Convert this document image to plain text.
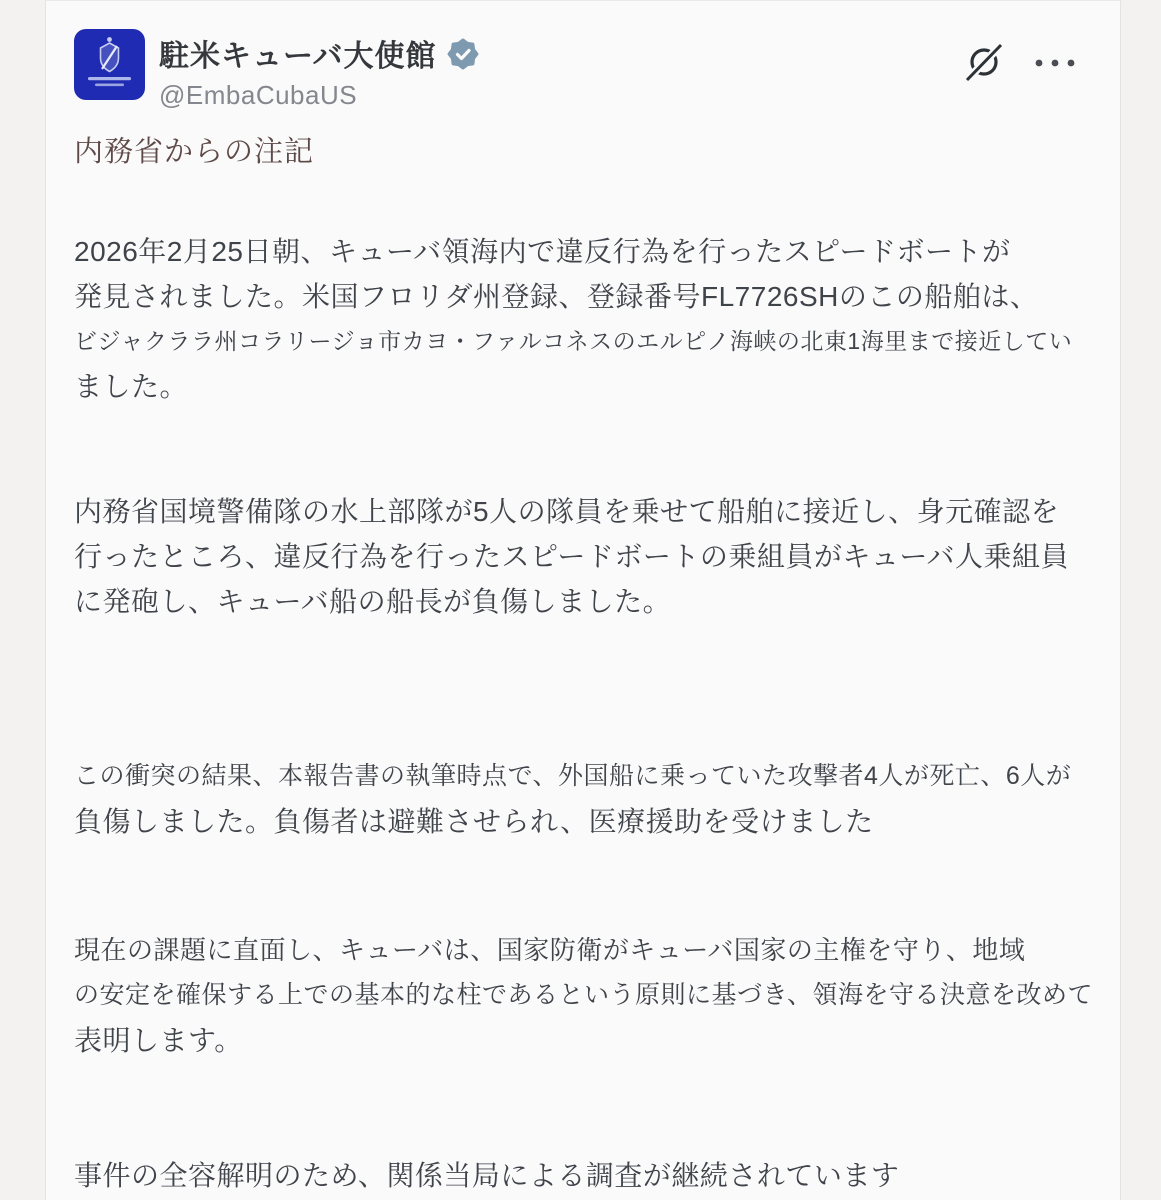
駐米キューバ大使館
@EmbaCubaUS
内務省からの注記
2026年2月25日朝、キューバ領海内で違反行為を行ったスピードボートが
発見されました。米国フロリダ州登録、登録番号FL7726SHのこの船舶は、
ビジャクララ州コラリージョ市カヨ・ファルコネスのエルピノ海峡の北東1海里まで接近してい
ました。
内務省国境警備隊の水上部隊が5人の隊員を乗せて船舶に接近し、身元確認を
行ったところ、違反行為を行ったスピードボートの乗組員がキューバ人乗組員
に発砲し、キューバ船の船長が負傷しました。
この衝突の結果、本報告書の執筆時点で、外国船に乗っていた攻撃者4人が死亡、6人が
負傷しました。負傷者は避難させられ、医療援助を受けました
現在の課題に直面し、キューバは、国家防衛がキューバ国家の主権を守り、地域
の安定を確保する上での基本的な柱であるという原則に基づき、領海を守る決意を改めて
表明します。
事件の全容解明のため、関係当局による調査が継続されています
